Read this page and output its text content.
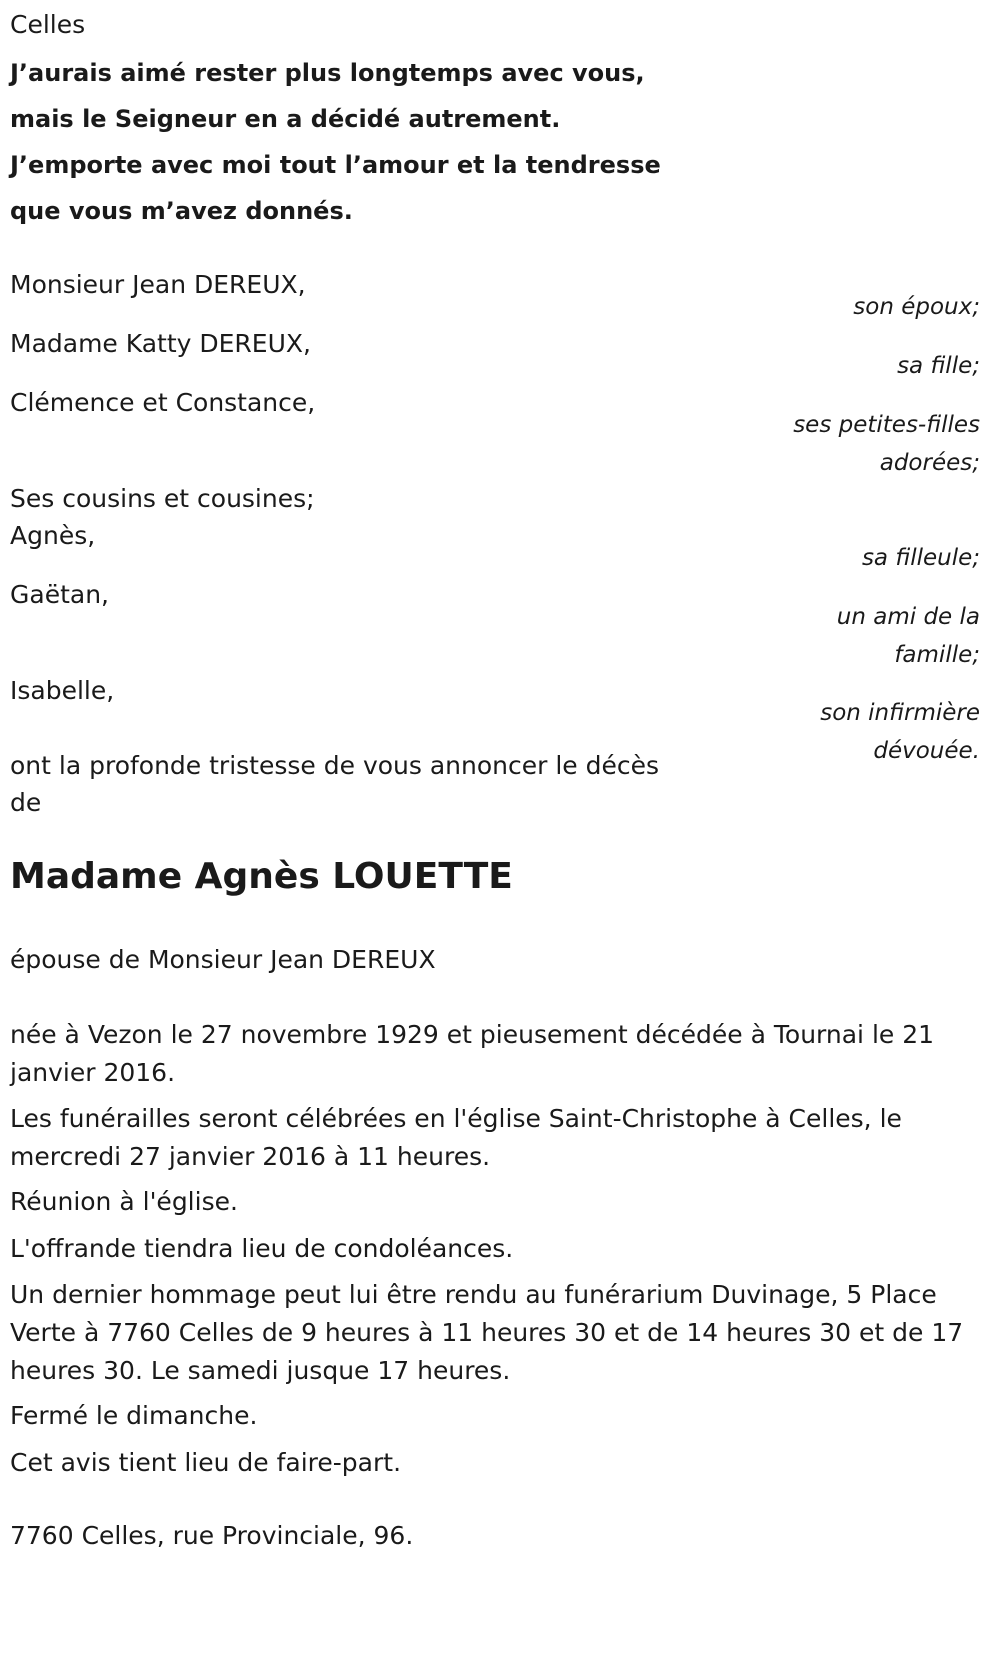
Celles
J’aurais aimé rester plus longtemps avec vous,
mais le Seigneur en a décidé autrement.
J’emporte avec moi tout l’amour et la tendresse
que vous m’avez donnés.
Monsieur Jean DEREUX,
son époux;
Madame Katty DEREUX,
sa fille;
Clémence et Constance,
ses petites-filles
adorées;
Ses cousins et cousines;
Agnès,
sa filleule;
Gaëtan,
un ami de la
famille;
Isabelle,
son infirmière
dévouée.
ont la profonde tristesse de vous annoncer le décès
de
Madame Agnès LOUETTE
épouse de Monsieur Jean DEREUX
née à Vezon le 27 novembre 1929 et pieusement décédée à Tournai le 21 janvier 2016.
Les funérailles seront célébrées en l'église Saint-Christophe à Celles, le mercredi 27 janvier 2016 à 11 heures.
Réunion à l'église.
L'offrande tiendra lieu de condoléances.
Un dernier hommage peut lui être rendu au funérarium Duvinage, 5 Place Verte à 7760 Celles de 9 heures à 11 heures 30 et de 14 heures 30 et de 17 heures 30. Le samedi jusque 17 heures.
Fermé le dimanche.
Cet avis tient lieu de faire-part.
7760 Celles, rue Provinciale, 96.
